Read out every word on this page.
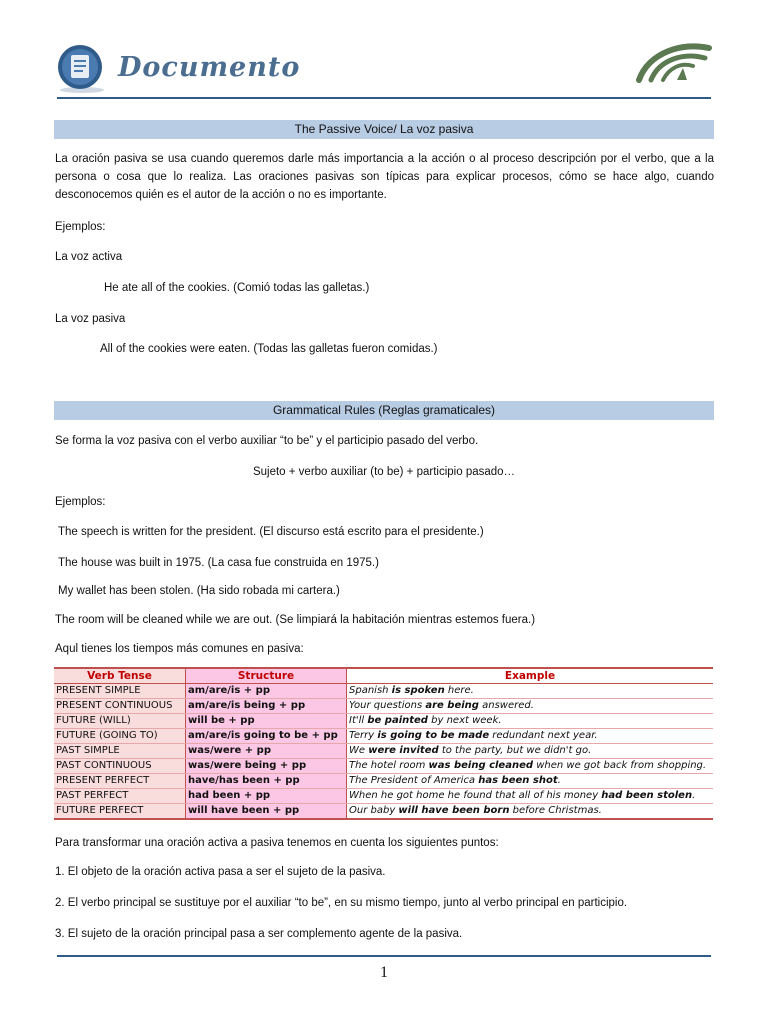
Documento
The Passive Voice/ La voz pasiva
La oración pasiva se usa cuando queremos darle más importancia a la acción o al proceso descripción por el verbo, que a la persona o cosa que lo realiza. Las oraciones pasivas son típicas para explicar procesos, cómo se hace algo, cuando desconocemos quién es el autor de la acción o no es importante.
Ejemplos:
La voz activa
He ate all of the cookies. (Comió todas las galletas.)
La voz pasiva
All of the cookies were eaten. (Todas las galletas fueron comidas.)
Grammatical Rules (Reglas gramaticales)
Se forma la voz pasiva con el verbo auxiliar “to be” y el participio pasado del verbo.
Sujeto + verbo auxiliar (to be) + participio pasado…
Ejemplos:
The speech is written for the president. (El discurso está escrito para el presidente.)
The house was built in 1975. (La casa fue construida en 1975.)
My wallet has been stolen. (Ha sido robada mi cartera.)
The room will be cleaned while we are out. (Se limpiará la habitación mientras estemos fuera.)
Aqul tienes los tiempos más comunes en pasiva:
Verb Tense	Structure	Example
PRESENT SIMPLE	am/are/is + pp	Spanish is spoken here.
PRESENT CONTINUOUS	am/are/is being + pp	Your questions are being answered.
FUTURE (WILL)	will be + pp	It'll be painted by next week.
FUTURE (GOING TO)	am/are/is going to be + pp	Terry is going to be made redundant next year.
PAST SIMPLE	was/were + pp	We were invited to the party, but we didn't go.
PAST CONTINUOUS	was/were being + pp	The hotel room was being cleaned when we got back from shopping.
PRESENT PERFECT	have/has been + pp	The President of America has been shot.
PAST PERFECT	had been + pp	When he got home he found that all of his money had been stolen.
FUTURE PERFECT	will have been + pp	Our baby will have been born before Christmas.
Para transformar una oración activa a pasiva tenemos en cuenta los siguientes puntos:
1. El objeto de la oración activa pasa a ser el sujeto de la pasiva.
2. El verbo principal se sustituye por el auxiliar “to be”, en su mismo tiempo, junto al verbo principal en participio.
3. El sujeto de la oración principal pasa a ser complemento agente de la pasiva.
1
